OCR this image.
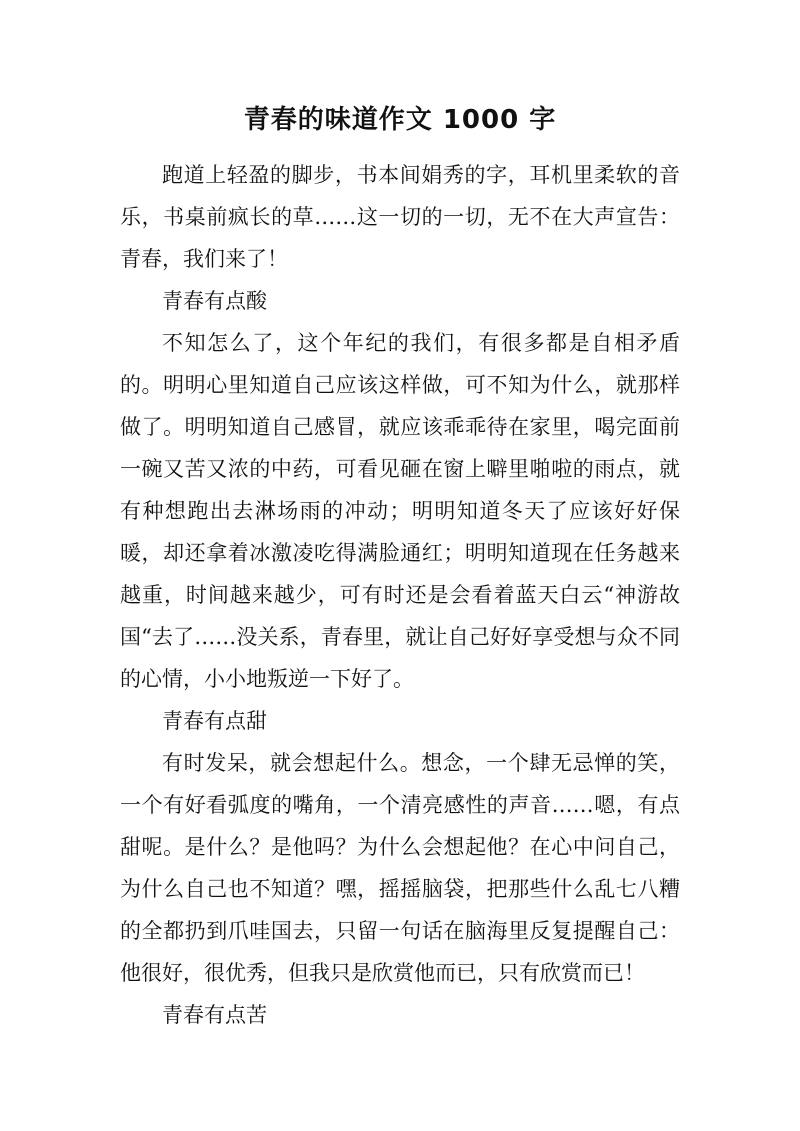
青春的味道作文 1000 字

跑道上轻盈的脚步，书本间娟秀的字，耳机里柔软的音乐，书桌前疯长的草……这一切的一切，无不在大声宣告：青春，我们来了！

青春有点酸

不知怎么了，这个年纪的我们，有很多都是自相矛盾的。明明心里知道自己应该这样做，可不知为什么，就那样做了。明明知道自己感冒，就应该乖乖待在家里，喝完面前一碗又苦又浓的中药，可看见砸在窗上噼里啪啦的雨点，就有种想跑出去淋场雨的冲动；明明知道冬天了应该好好保暖，却还拿着冰激凌吃得满脸通红；明明知道现在任务越来越重，时间越来越少，可有时还是会看着蓝天白云“神游故国“去了……没关系，青春里，就让自己好好享受想与众不同的心情，小小地叛逆一下好了。

青春有点甜

有时发呆，就会想起什么。想念，一个肆无忌惮的笑，一个有好看弧度的嘴角，一个清亮感性的声音……嗯，有点甜呢。是什么？是他吗？为什么会想起他？在心中问自己，为什么自己也不知道？嘿，摇摇脑袋，把那些什么乱七八糟的全都扔到爪哇国去，只留一句话在脑海里反复提醒自己：他很好，很优秀，但我只是欣赏他而已，只有欣赏而已！

青春有点苦
